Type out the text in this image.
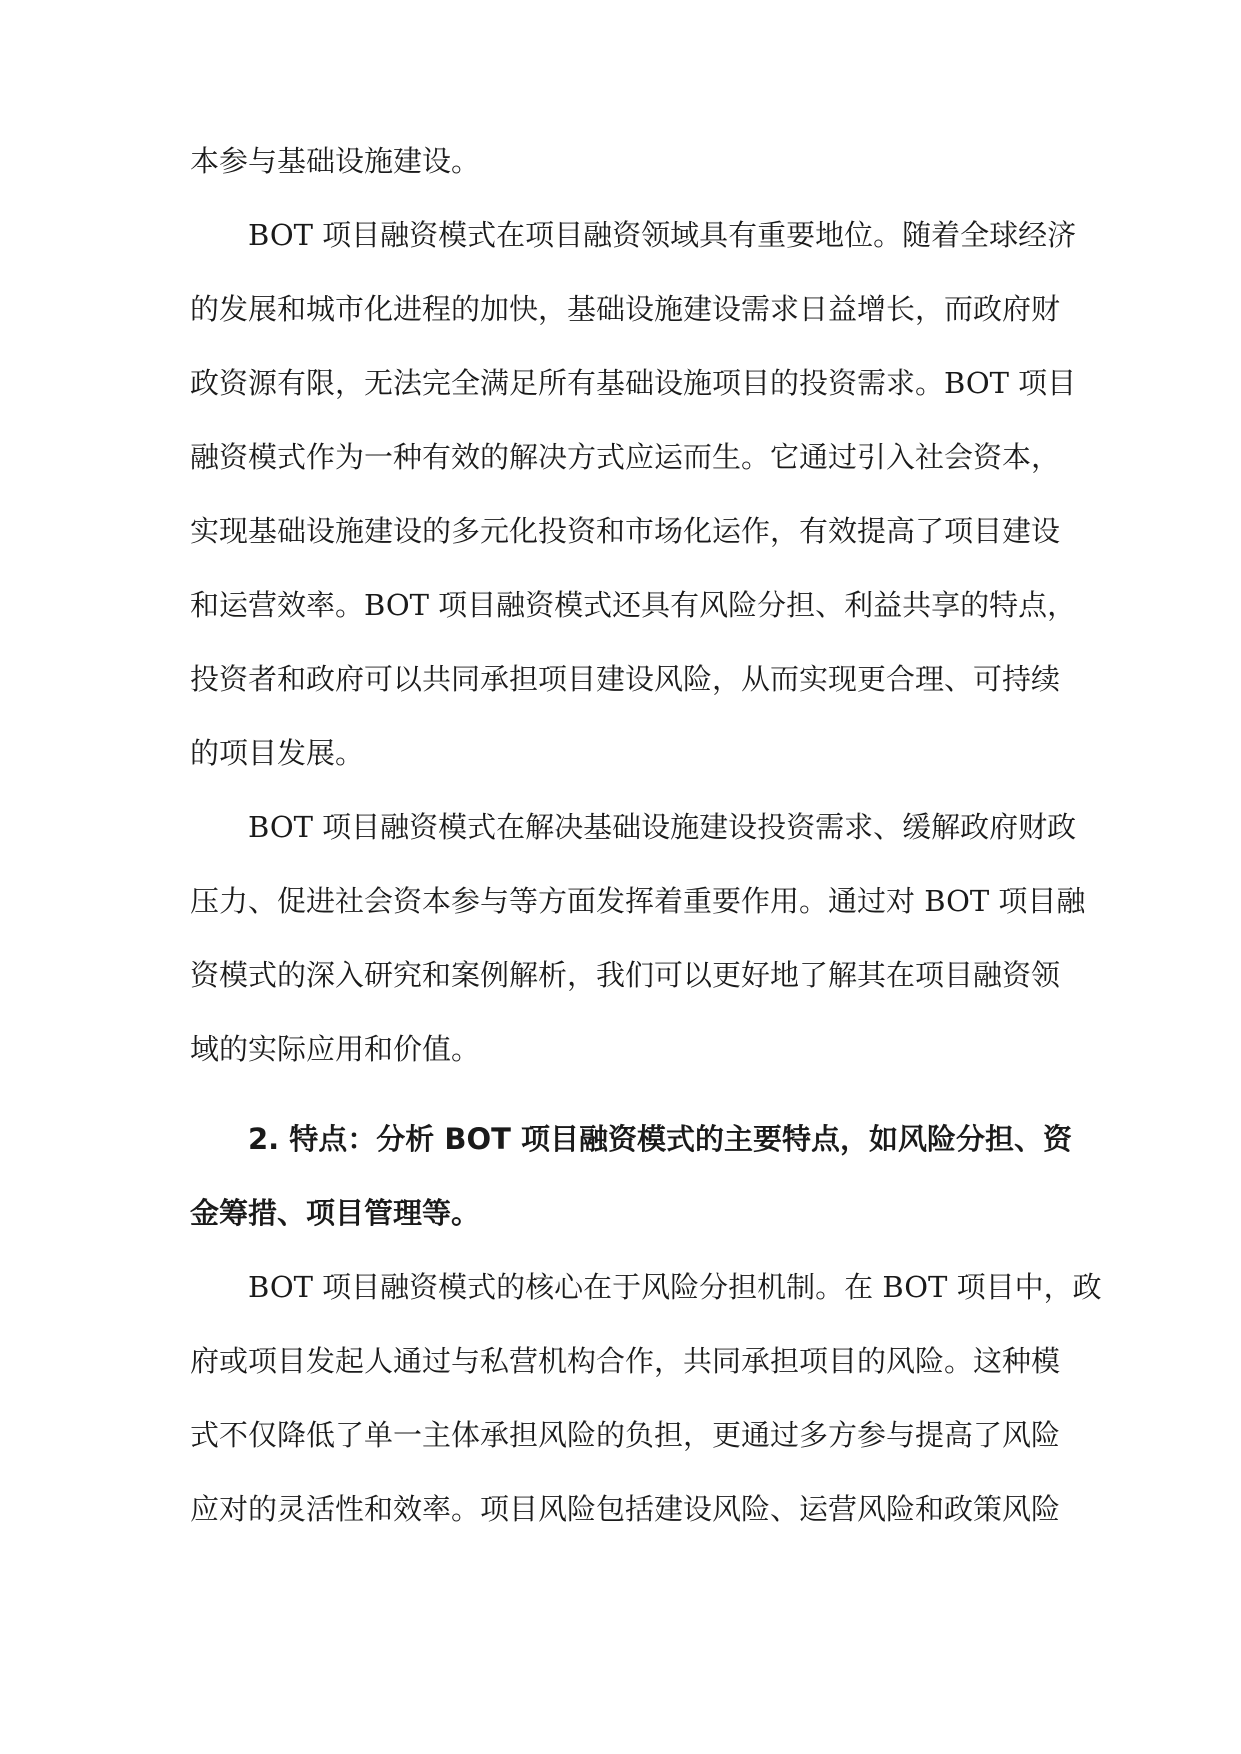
本参与基础设施建设。

BOT 项目融资模式在项目融资领域具有重要地位。随着全球经济

的发展和城市化进程的加快，基础设施建设需求日益增长，而政府财

政资源有限，无法完全满足所有基础设施项目的投资需求。BOT 项目

融资模式作为一种有效的解决方式应运而生。它通过引入社会资本，

实现基础设施建设的多元化投资和市场化运作，有效提高了项目建设

和运营效率。BOT 项目融资模式还具有风险分担、利益共享的特点，

投资者和政府可以共同承担项目建设风险，从而实现更合理、可持续

的项目发展。

BOT 项目融资模式在解决基础设施建设投资需求、缓解政府财政

压力、促进社会资本参与等方面发挥着重要作用。通过对 BOT 项目融

资模式的深入研究和案例解析，我们可以更好地了解其在项目融资领

域的实际应用和价值。

2. 特点：分析 BOT 项目融资模式的主要特点，如风险分担、资

金筹措、项目管理等。

BOT 项目融资模式的核心在于风险分担机制。在 BOT 项目中，政

府或项目发起人通过与私营机构合作，共同承担项目的风险。这种模

式不仅降低了单一主体承担风险的负担，更通过多方参与提高了风险

应对的灵活性和效率。项目风险包括建设风险、运营风险和政策风险
